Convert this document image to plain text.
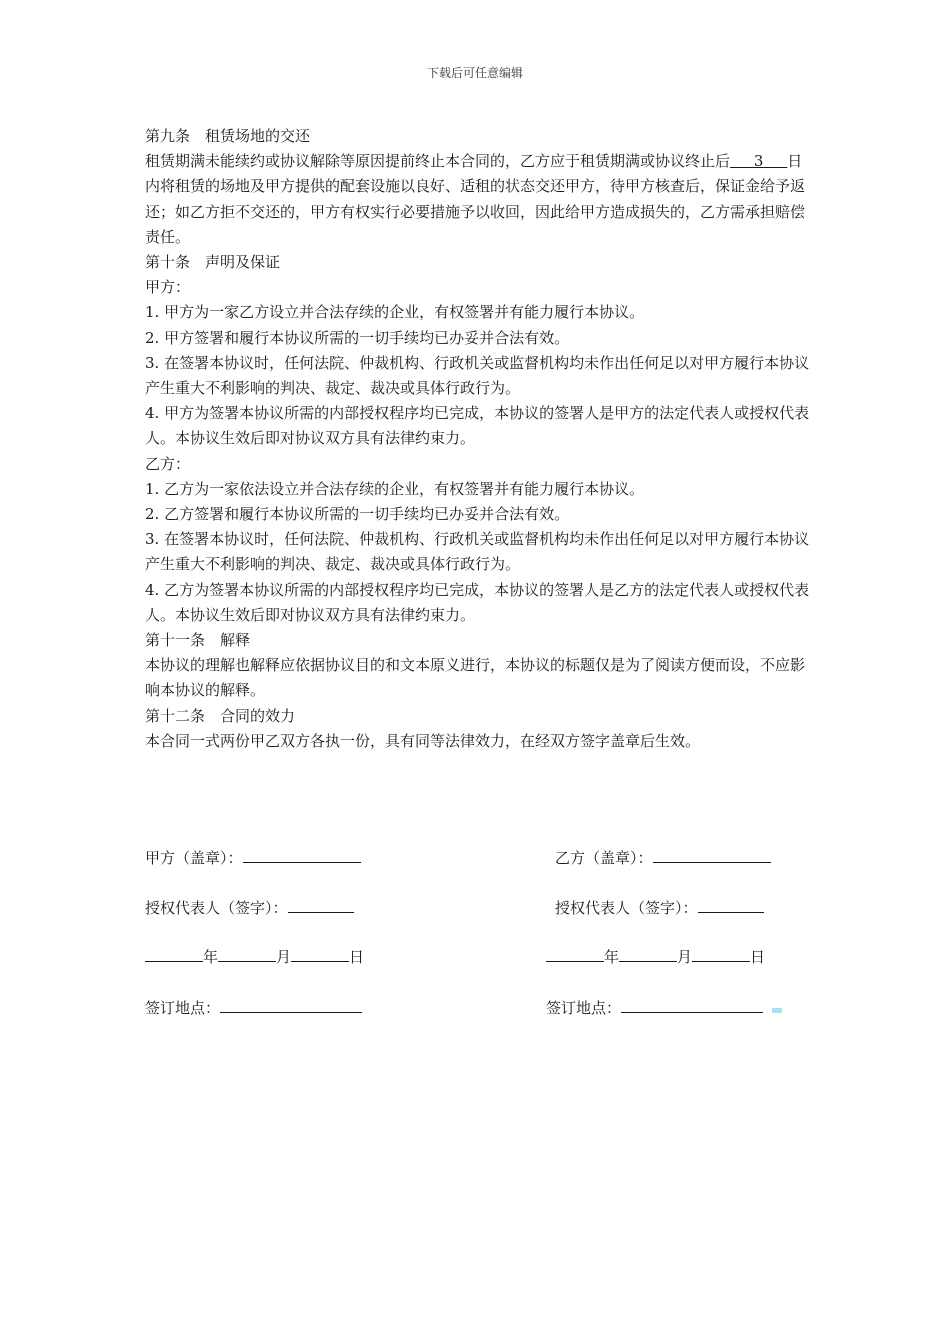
下载后可任意编辑

第九条　租赁场地的交还

租赁期满未能续约或协议解除等原因提前终止本合同的，乙方应于租赁期满或协议终止后 3 日内将租赁的场地及甲方提供的配套设施以良好、适租的状态交还甲方，待甲方核查后，保证金给予返还；如乙方拒不交还的，甲方有权实行必要措施予以收回，因此给甲方造成损失的，乙方需承担赔偿责任。

第十条　声明及保证

甲方：

1. 甲方为一家乙方设立并合法存续的企业，有权签署并有能力履行本协议。

2. 甲方签署和履行本协议所需的一切手续均已办妥并合法有效。

3. 在签署本协议时，任何法院、仲裁机构、行政机关或监督机构均未作出任何足以对甲方履行本协议产生重大不利影响的判决、裁定、裁决或具体行政行为。

4. 甲方为签署本协议所需的内部授权程序均已完成，本协议的签署人是甲方的法定代表人或授权代表人。本协议生效后即对协议双方具有法律约束力。

乙方：

1. 乙方为一家依法设立并合法存续的企业，有权签署并有能力履行本协议。

2. 乙方签署和履行本协议所需的一切手续均已办妥并合法有效。

3. 在签署本协议时，任何法院、仲裁机构、行政机关或监督机构均未作出任何足以对甲方履行本协议产生重大不利影响的判决、裁定、裁决或具体行政行为。

4. 乙方为签署本协议所需的内部授权程序均已完成，本协议的签署人是乙方的法定代表人或授权代表人。本协议生效后即对协议双方具有法律约束力。

第十一条　解释

本协议的理解也解释应依据协议目的和文本原义进行，本协议的标题仅是为了阅读方便而设，不应影响本协议的解释。

第十二条　合同的效力

本合同一式两份甲乙双方各执一份，具有同等法律效力，在经双方签字盖章后生效。

甲方（盖章）：	乙方（盖章）：
授权代表人（签字）：	授权代表人（签字）：
年	月	日	年	月	日
签订地点：	签订地点：
